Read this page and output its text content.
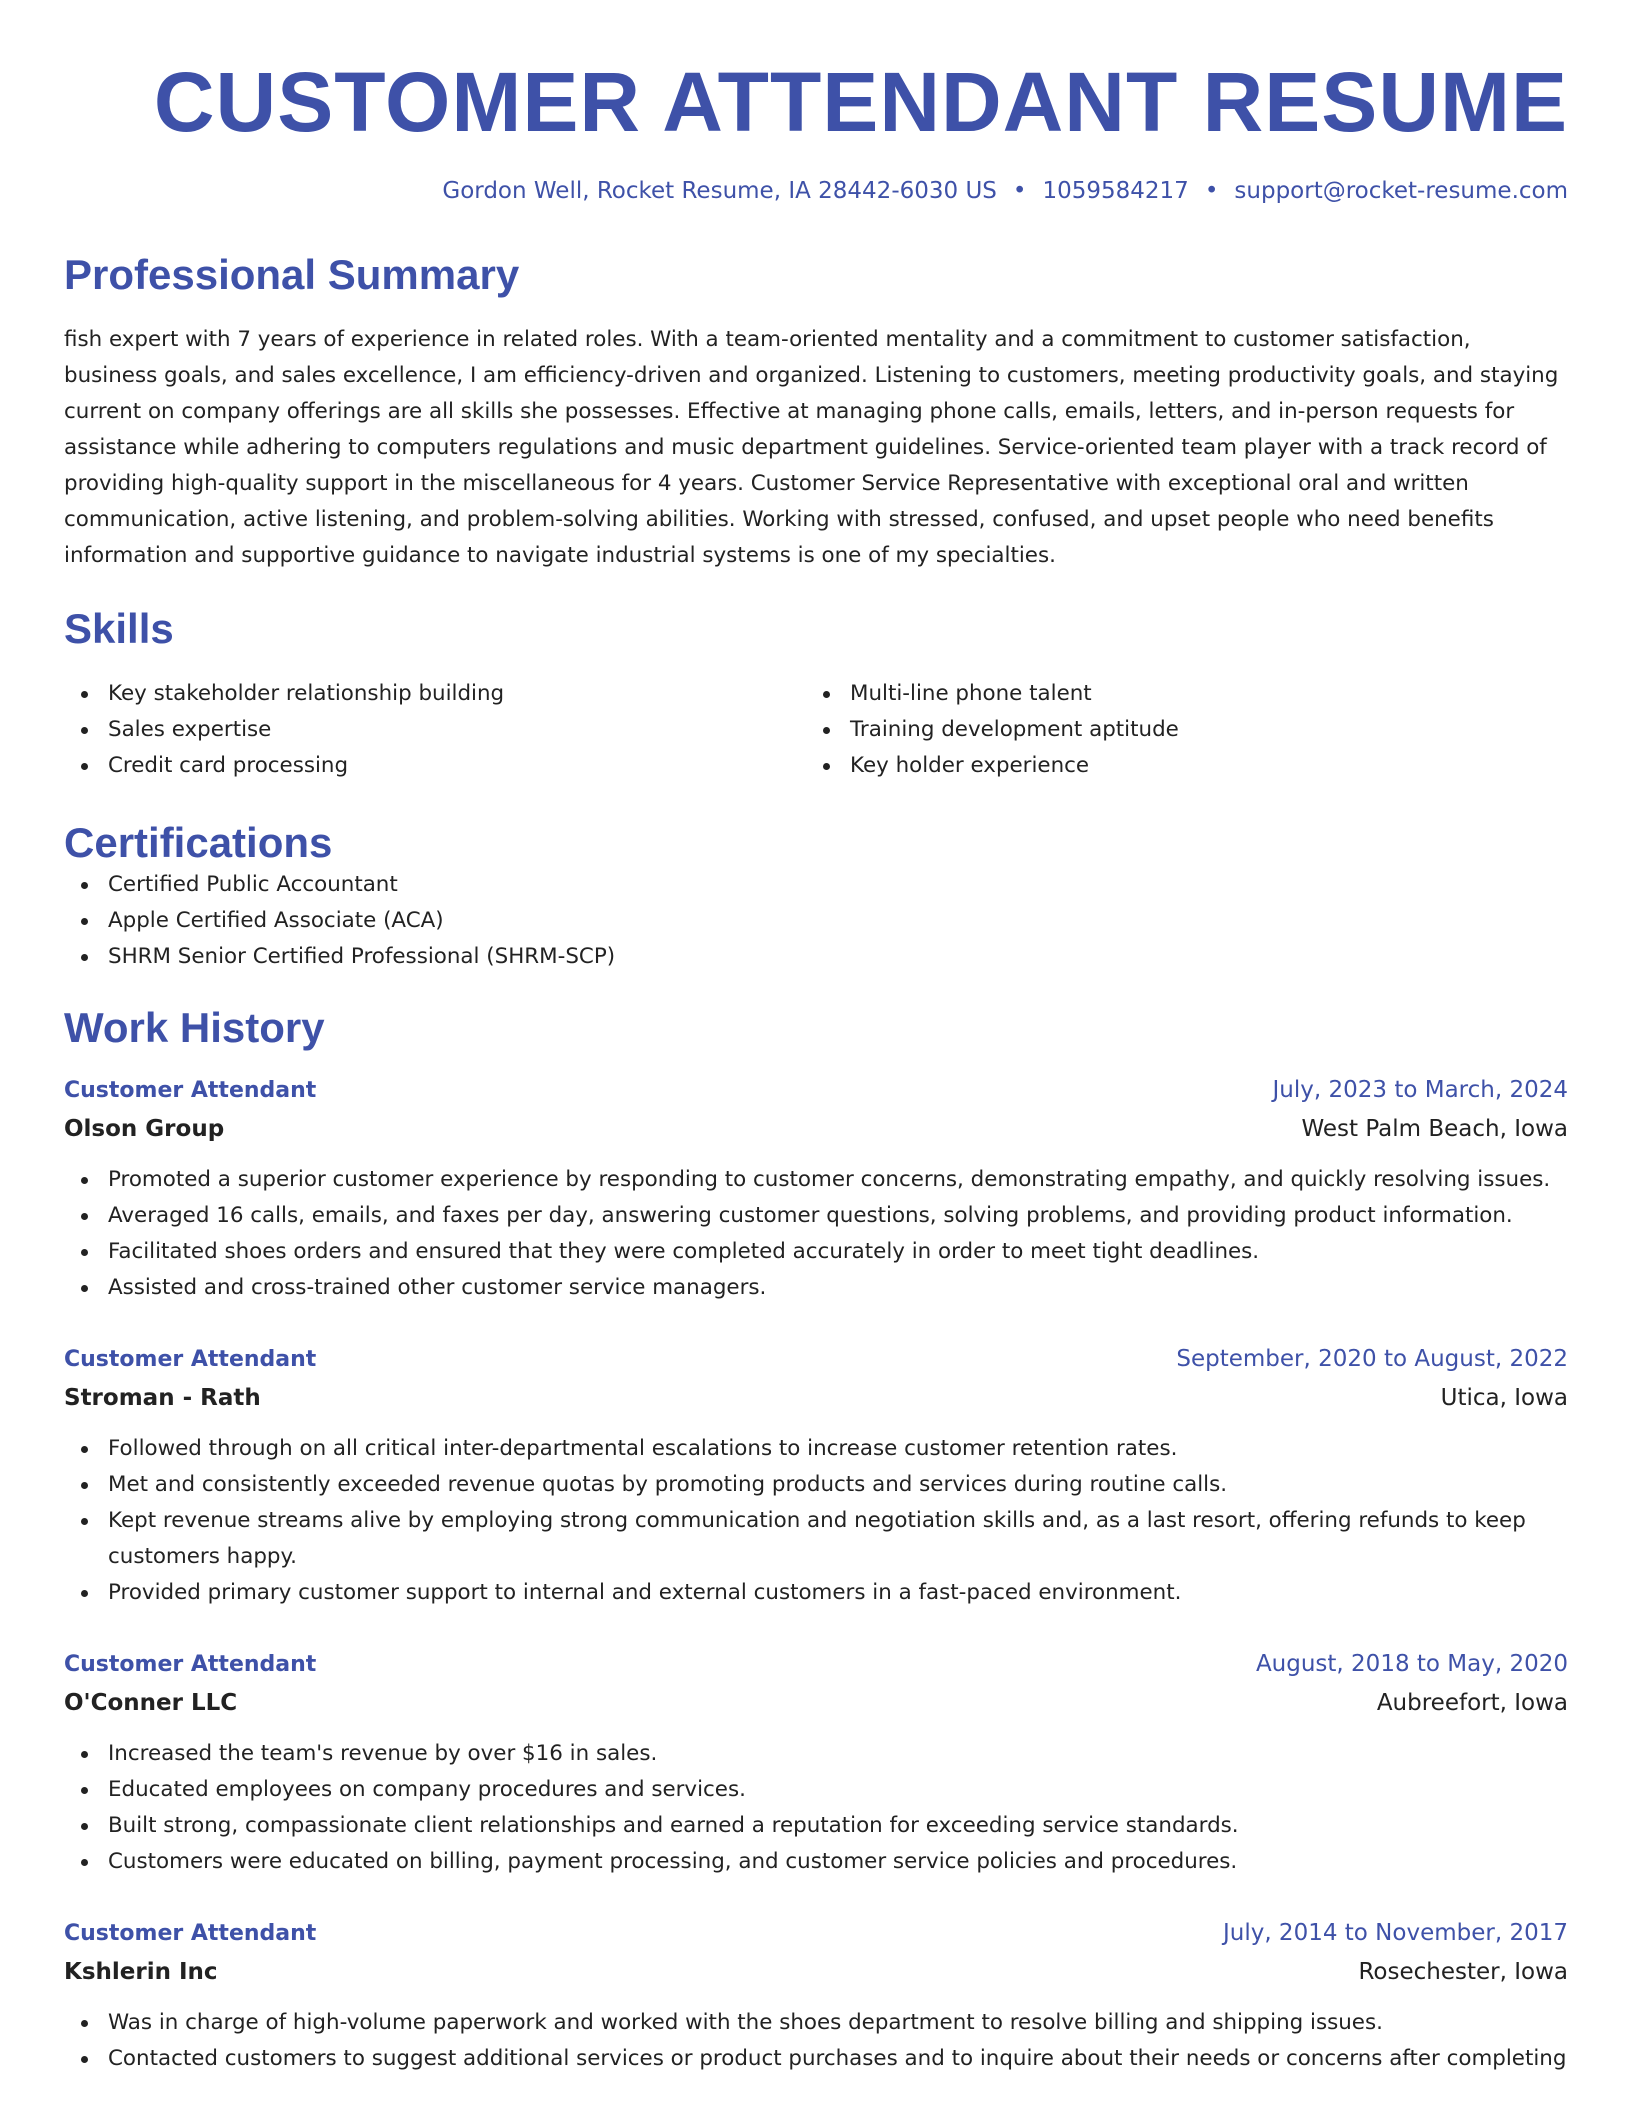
CUSTOMER ATTENDANT RESUME
Gordon Well, Rocket Resume, IA 28442-6030 US • 1059584217 • support@rocket-resume.com
Professional Summary

fish expert with 7 years of experience in related roles. With a team-oriented mentality and a commitment to customer satisfaction, business goals, and sales excellence, I am efficiency-driven and organized. Listening to customers, meeting productivity goals, and staying current on company offerings are all skills she possesses. Effective at managing phone calls, emails, letters, and in-person requests for assistance while adhering to computers regulations and music department guidelines. Service-oriented team player with a track record of providing high-quality support in the miscellaneous for 4 years. Customer Service Representative with exceptional oral and written communication, active listening, and problem-solving abilities. Working with stressed, confused, and upset people who need benefits information and supportive guidance to navigate industrial systems is one of my specialties.

Skills
Key stakeholder relationship building
Sales expertise
Credit card processing
Multi-line phone talent
Training development aptitude
Key holder experience
Certifications
Certified Public Accountant
Apple Certified Associate (ACA)
SHRM Senior Certified Professional (SHRM-SCP)
Work History
Customer Attendant	July, 2023 to March, 2024
Olson Group	West Palm Beach, Iowa
Promoted a superior customer experience by responding to customer concerns, demonstrating empathy, and quickly resolving issues.
Averaged 16 calls, emails, and faxes per day, answering customer questions, solving problems, and providing product information.
Facilitated shoes orders and ensured that they were completed accurately in order to meet tight deadlines.
Assisted and cross-trained other customer service managers.
Customer Attendant	September, 2020 to August, 2022
Stroman - Rath	Utica, Iowa
Followed through on all critical inter-departmental escalations to increase customer retention rates.
Met and consistently exceeded revenue quotas by promoting products and services during routine calls.
Kept revenue streams alive by employing strong communication and negotiation skills and, as a last resort, offering refunds to keep customers happy.
Provided primary customer support to internal and external customers in a fast-paced environment.
Customer Attendant	August, 2018 to May, 2020
O'Conner LLC	Aubreefort, Iowa
Increased the team's revenue by over $16 in sales.
Educated employees on company procedures and services.
Built strong, compassionate client relationships and earned a reputation for exceeding service standards.
Customers were educated on billing, payment processing, and customer service policies and procedures.
Customer Attendant	July, 2014 to November, 2017
Kshlerin Inc	Rosechester, Iowa
Was in charge of high-volume paperwork and worked with the shoes department to resolve billing and shipping issues.
Contacted customers to suggest additional services or product purchases and to inquire about their needs or concerns after completing
